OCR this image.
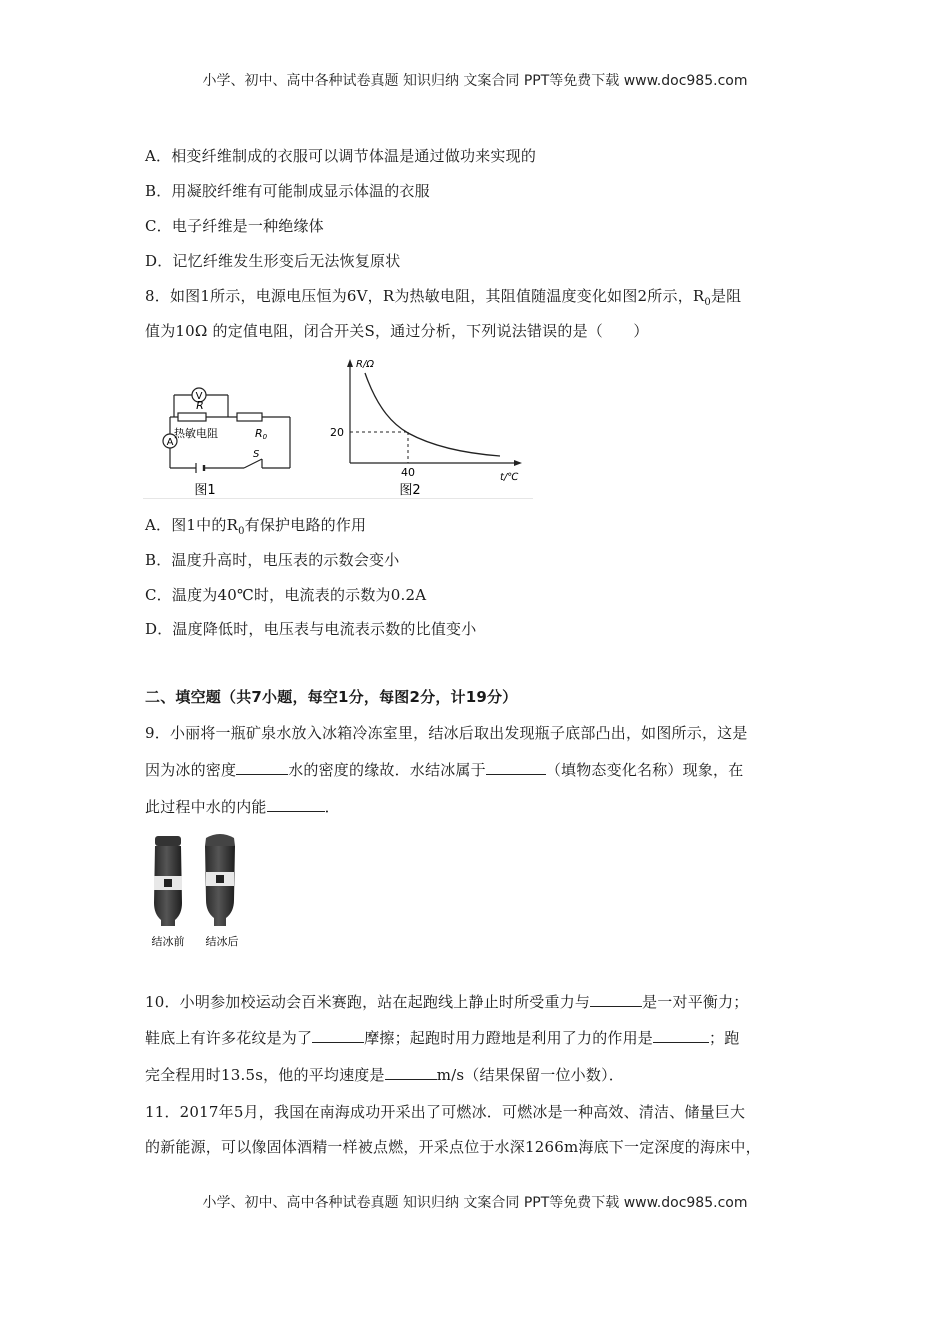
小学、初中、高中各种试卷真题 知识归纳 文案合同 PPT等免费下载 www.doc985.com
小学、初中、高中各种试卷真题 知识归纳 文案合同 PPT等免费下载 www.doc985.com
A．相变纤维制成的衣服可以调节体温是通过做功来实现的
B．用凝胶纤维有可能制成显示体温的衣服
C．电子纤维是一种绝缘体
D．记忆纤维发生形变后无法恢复原状
8．如图1所示，电源电压恒为6V，R为热敏电阻，其阻值随温度变化如图2所示，$R_0$是阻
值为10Ω 的定值电阻，闭合开关S，通过分析，下列说法错误的是（　　）
V
A
R
热敏电阻	R0
S
图1
R/Ω
t/℃
20
40
图2
A．图1中的$R_0$有保护电路的作用
B．温度升高时，电压表的示数会变小
C．温度为40℃时，电流表的示数为0.2A
D．温度降低时，电压表与电流表示数的比值变小
二、填空题（共7小题，每空1分，每图2分，计19分）
9．小丽将一瓶矿泉水放入冰箱冷冻室里，结冰后取出发现瓶子底部凸出，如图所示，这是
因为冰的密度	水的密度的缘故．水结冰属于	（填物态变化名称）现象，在
此过程中水的内能	．
结冰前 结冰后
10．小明参加校运动会百米赛跑，站在起跑线上静止时所受重力与	是一对平衡力；
鞋底上有许多花纹是为了	摩擦；起跑时用力蹬地是利用了力的作用是	；跑
完全程用时13.5s，他的平均速度是	m/s（结果保留一位小数）．
11．2017年5月，我国在南海成功开采出了可燃冰．可燃冰是一种高效、清洁、储量巨大
的新能源，可以像固体酒精一样被点燃，开采点位于水深1266m海底下一定深度的海床中，
